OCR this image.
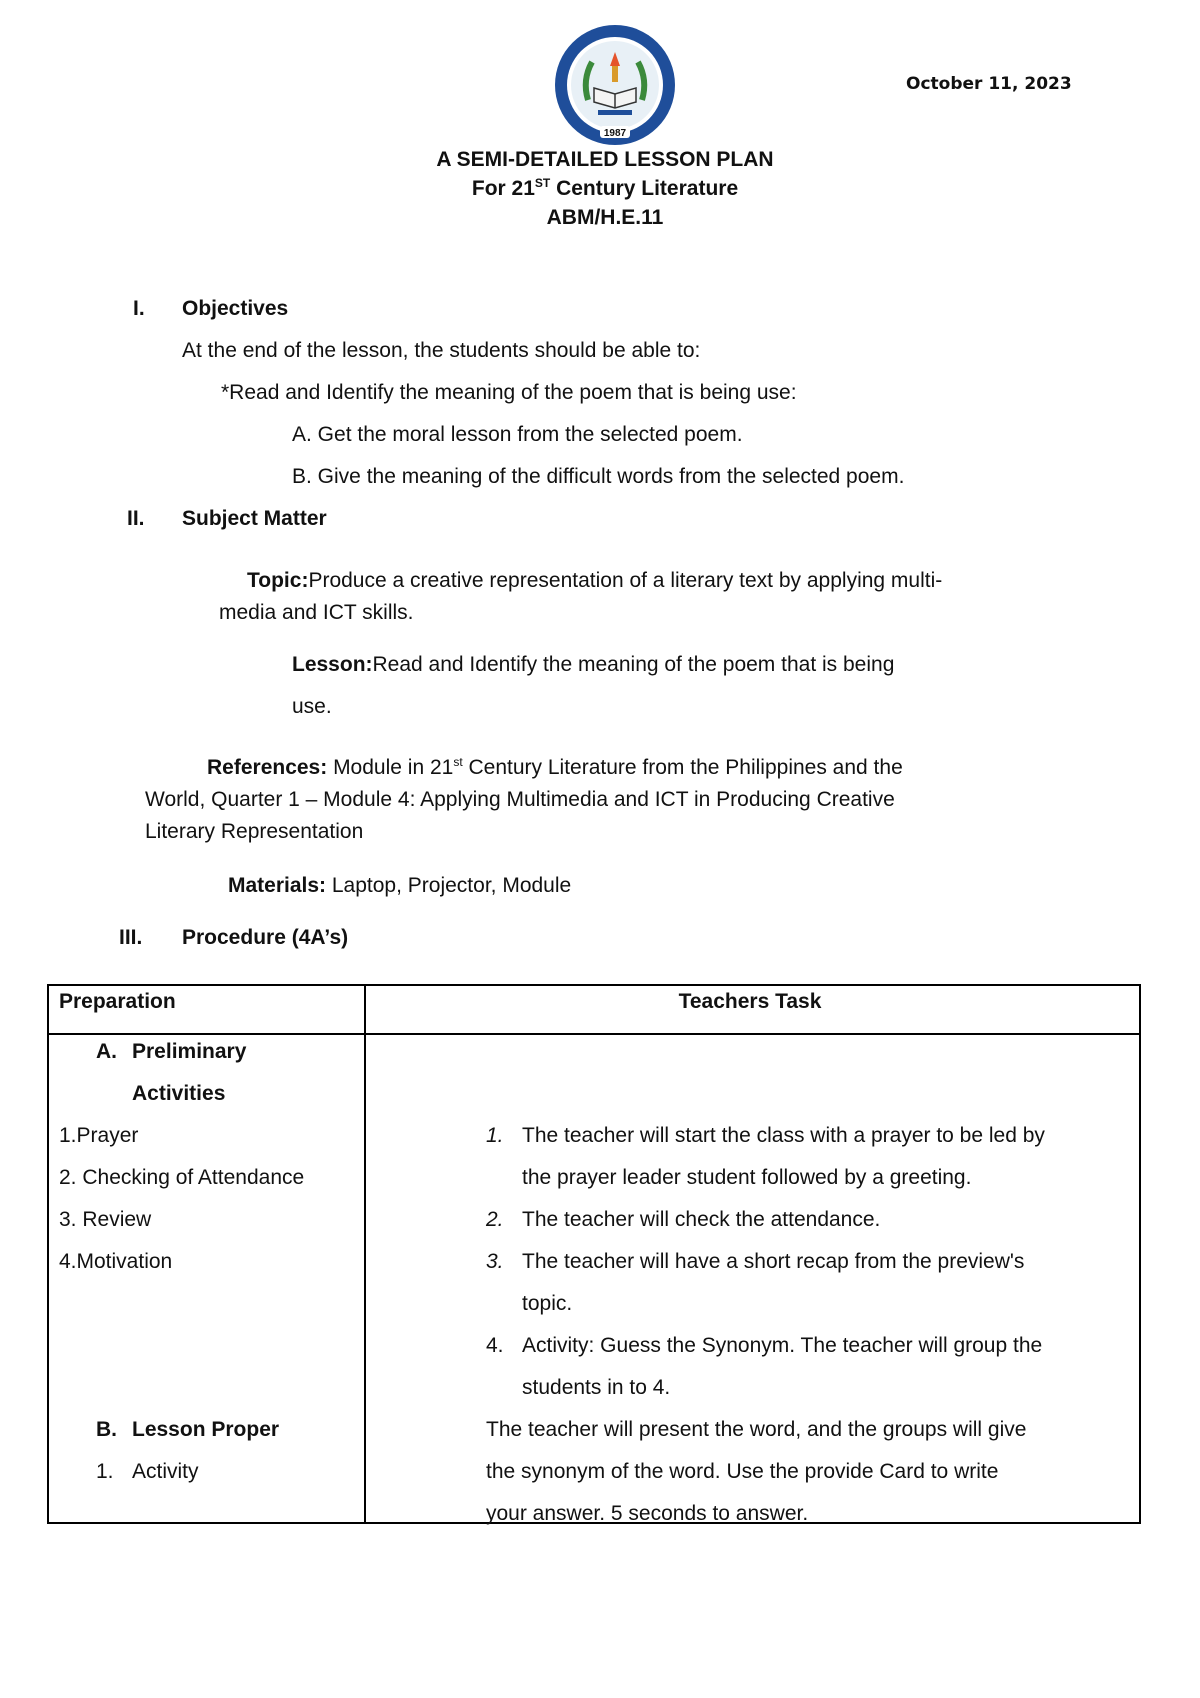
1987
October 11, 2023
A SEMI-DETAILED LESSON PLAN
For 21ST Century Literature
ABM/H.E.11
I. Objectives
At the end of the lesson, the students should be able to:
*Read and Identify the meaning of the poem that is being use:
A. Get the moral lesson from the selected poem.
B. Give the meaning of the difficult words from the selected poem.
II. Subject Matter
Topic:Produce a creative representation of a literary text by applying multi-
media and ICT skills.
Lesson:Read and Identify the meaning of the poem that is being
use.
References: Module in 21st Century Literature from the Philippines and the
World, Quarter 1 – Module 4: Applying Multimedia and ICT in Producing Creative
Literary Representation
Materials: Laptop, Projector, Module
III. Procedure (4A’s)
Preparation	Teachers Task
A. Preliminary
Activities
1.Prayer
2. Checking of Attendance
3. Review
4.Motivation
B. Lesson Proper
1. Activity
1. The teacher will start the class with a prayer to be led by
the prayer leader student followed by a greeting.
2. The teacher will check the attendance.
3. The teacher will have a short recap from the preview's
topic.
4. Activity: Guess the Synonym. The teacher will group the
students in to 4.
The teacher will present the word, and the groups will give
the synonym of the word. Use the provide Card to write
your answer. 5 seconds to answer.
